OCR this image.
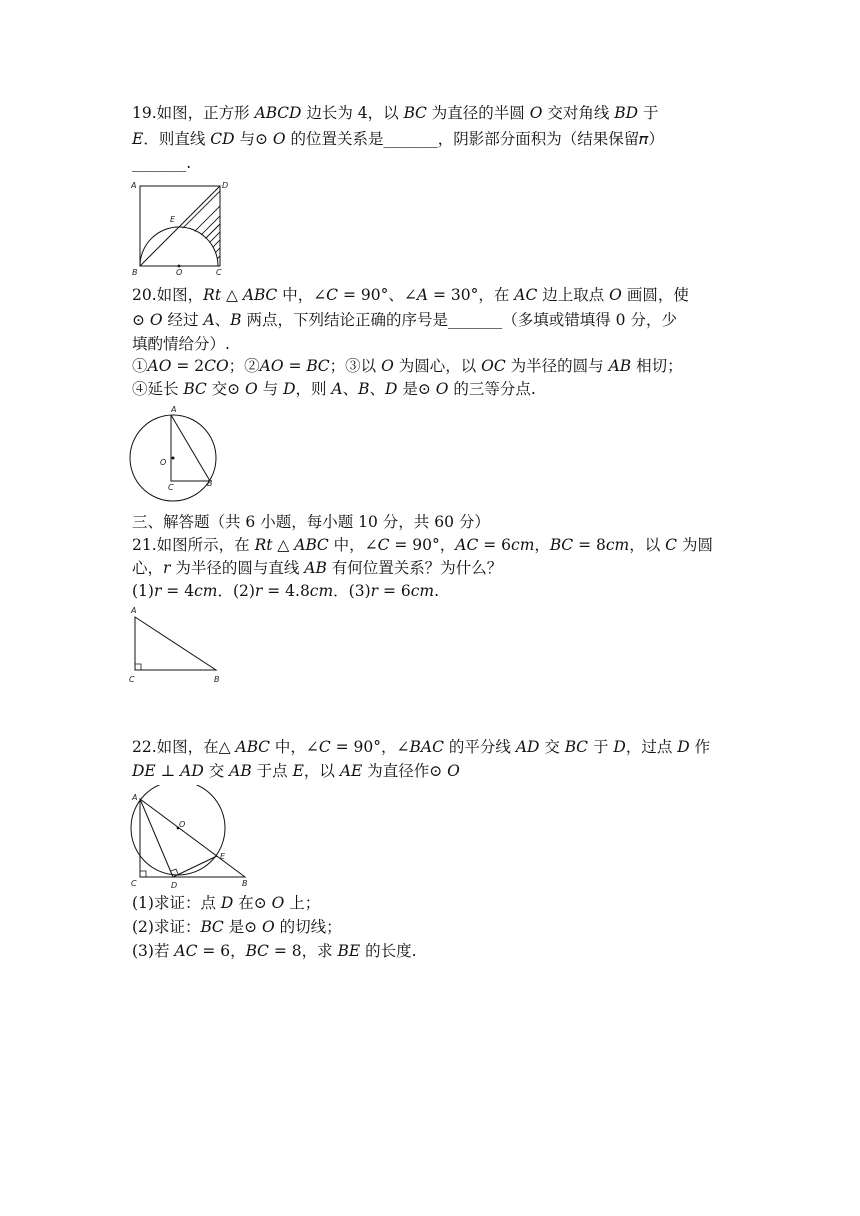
19.如图，正方形 𝐴𝐵𝐶𝐷 边长为 4，以 𝐵𝐶 为直径的半圆 𝑂 交对角线 𝐵𝐷 于
𝐸．则直线 𝐶𝐷 与⊙ 𝑂 的位置关系是_______，阴影部分面积为（结果保留𝜋）
_______.
A	D
E
B	O	C
20.如图，𝑅𝑡 △ 𝐴𝐵𝐶 中，∠𝐶 = 90°、∠𝐴 = 30°，在 𝐴𝐶 边上取点 𝑂 画圆，使
⊙ 𝑂 经过 𝐴、𝐵 两点，下列结论正确的序号是_______（多填或错填得 0 分，少
填酌情给分）.
①𝐴𝑂 = 2𝐶𝑂；②𝐴𝑂 = 𝐵𝐶；③以 𝑂 为圆心，以 𝑂𝐶 为半径的圆与 𝐴𝐵 相切；
④延长 𝐵𝐶 交⊙ 𝑂 与 𝐷，则 𝐴、𝐵、𝐷 是⊙ 𝑂 的三等分点.
A
O
C	B
三、解答题（共 6 小题，每小题 10 分，共 60 分）
21.如图所示，在 𝑅𝑡 △ 𝐴𝐵𝐶 中，∠𝐶 = 90°，𝐴𝐶 = 6𝑐𝑚，𝐵𝐶 = 8𝑐𝑚，以 𝐶 为圆
心，𝑟 为半径的圆与直线 𝐴𝐵 有何位置关系？为什么？
(1)𝑟 = 4𝑐𝑚．(2)𝑟 = 4.8𝑐𝑚．(3)𝑟 = 6𝑐𝑚.
A
C	B
22.如图，在△ 𝐴𝐵𝐶 中，∠𝐶 = 90°，∠𝐵𝐴𝐶 的平分线 𝐴𝐷 交 𝐵𝐶 于 𝐷，过点 𝐷 作
𝐷𝐸 ⊥ 𝐴𝐷 交 𝐴𝐵 于点 𝐸，以 𝐴𝐸 为直径作⊙ 𝑂
A
O
E
C	D	B
(1)求证：点 𝐷 在⊙ 𝑂 上；
(2)求证：𝐵𝐶 是⊙ 𝑂 的切线；
(3)若 𝐴𝐶 = 6，𝐵𝐶 = 8，求 𝐵𝐸 的长度.
